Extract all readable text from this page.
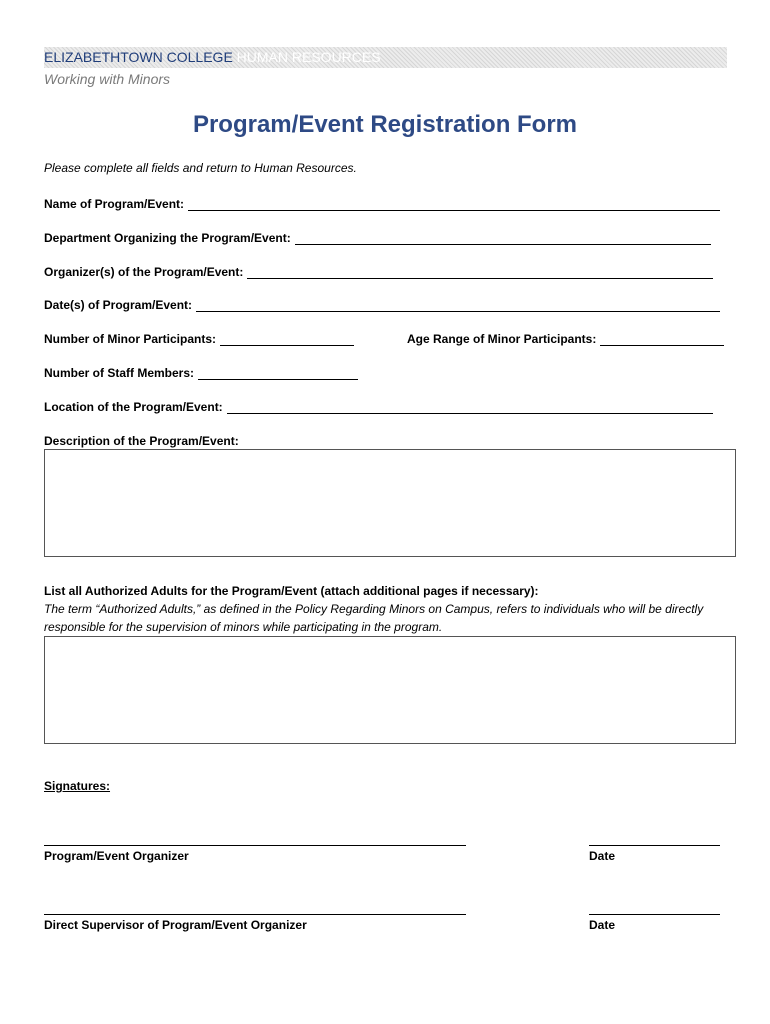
ELIZABETHTOWN COLLEGE HUMAN RESOURCES
Working with Minors
Program/Event Registration Form
Please complete all fields and return to Human Resources.
Name of Program/Event:
Department Organizing the Program/Event:
Organizer(s) of the Program/Event:
Date(s) of Program/Event:
Number of Minor Participants:	Age Range of Minor Participants:
Number of Staff Members:
Location of the Program/Event:
Description of the Program/Event:
List all Authorized Adults for the Program/Event (attach additional pages if necessary):
The term “Authorized Adults,” as defined in the Policy Regarding Minors on Campus, refers to individuals who will be directly responsible for the supervision of minors while participating in the program.
Signatures:
Program/Event Organizer	Date
Direct Supervisor of Program/Event Organizer	Date
